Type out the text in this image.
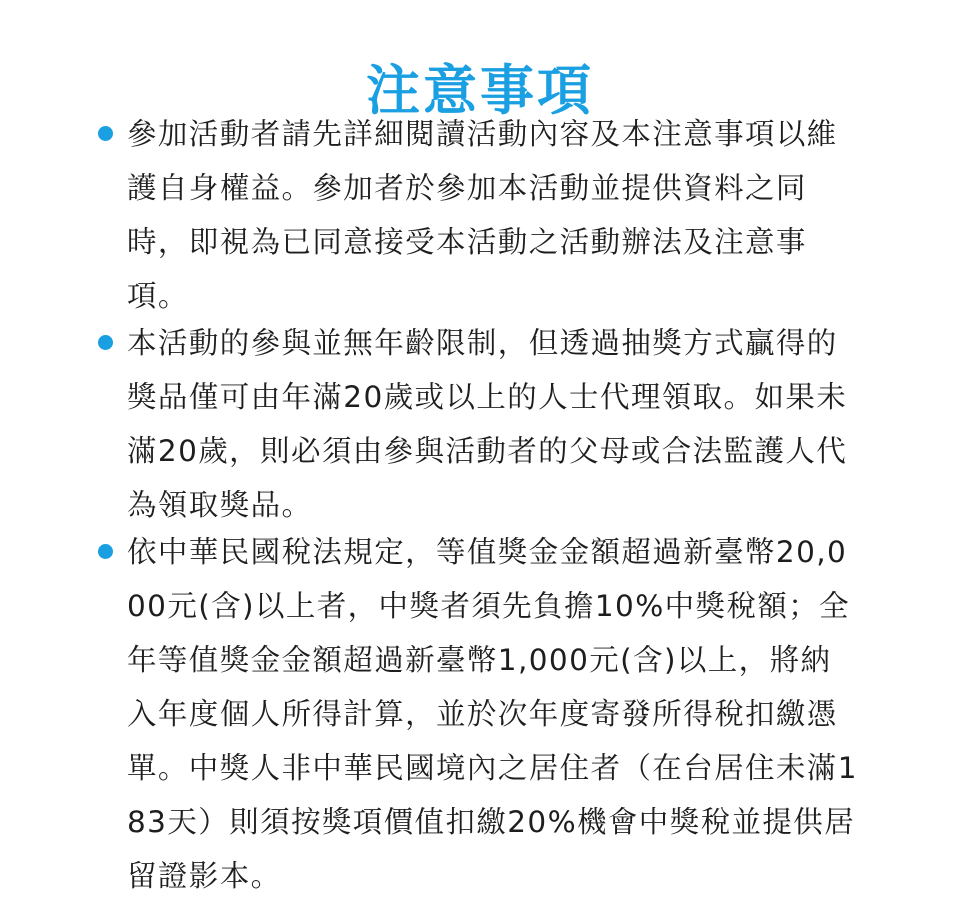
注意事項

參加活動者請先詳細閱讀活動內容及本注意事項以維護自身權益。參加者於參加本活動並提供資料之同時，即視為已同意接受本活動之活動辦法及注意事項。

本活動的參與並無年齡限制，但透過抽獎方式贏得的獎品僅可由年滿20歲或以上的人士代理領取。如果未滿20歲，則必須由參與活動者的父母或合法監護人代為領取獎品。

依中華民國稅法規定，等值獎金金額超過新臺幣20,000元(含)以上者，中獎者須先負擔10%中獎稅額；全年等值獎金金額超過新臺幣1,000元(含)以上，將納入年度個人所得計算，並於次年度寄發所得稅扣繳憑單。中獎人非中華民國境內之居住者（在台居住未滿183天）則須按獎項價值扣繳20%機會中獎稅並提供居留證影本。
